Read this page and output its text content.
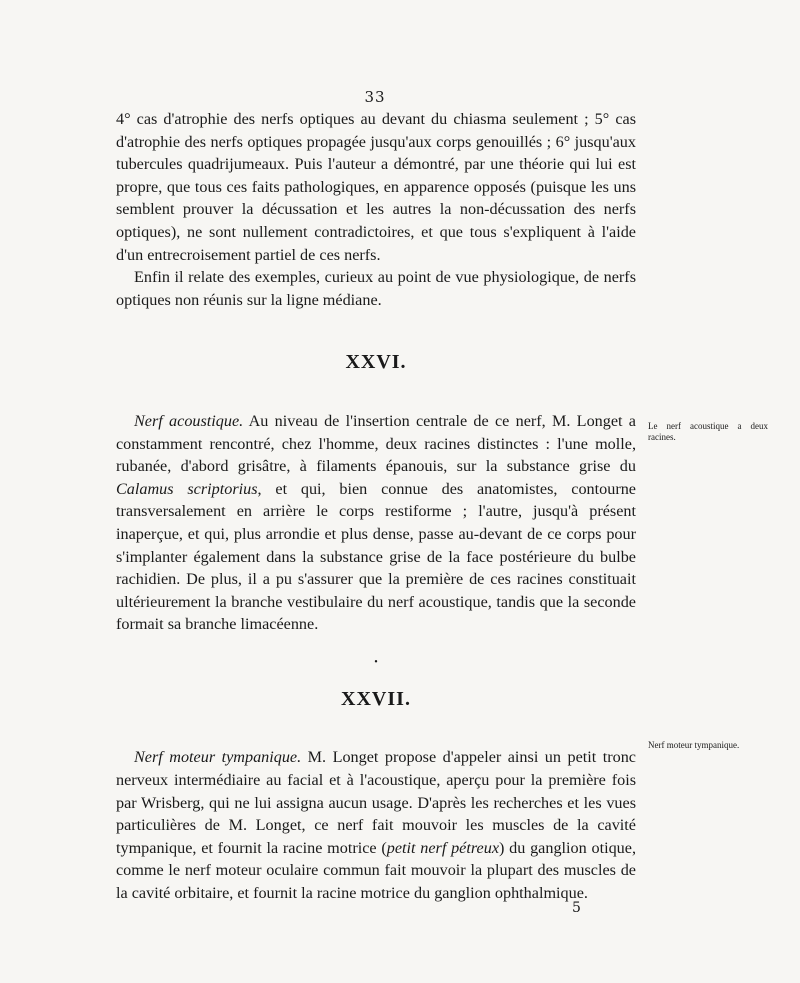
33

4° cas d'atrophie des nerfs optiques au devant du chiasma seulement ; 5° cas d'atrophie des nerfs optiques propagée jusqu'aux corps genouillés ; 6° jusqu'aux tubercules quadrijumeaux. Puis l'auteur a démontré, par une théorie qui lui est propre, que tous ces faits pathologiques, en apparence opposés (puisque les uns semblent prouver la décussation et les autres la non-décussation des nerfs optiques), ne sont nullement contradictoires, et que tous s'expliquent à l'aide d'un entrecroisement partiel de ces nerfs.

Enfin il relate des exemples, curieux au point de vue physiologique, de nerfs optiques non réunis sur la ligne médiane.

XXVI.

Nerf acoustique. Au niveau de l'insertion centrale de ce nerf, M. Longet a constamment rencontré, chez l'homme, deux racines distinctes : l'une molle, rubanée, d'abord grisâtre, à filaments épanouis, sur la substance grise du Calamus scriptorius, et qui, bien connue des anatomistes, contourne transversalement en arrière le corps restiforme ; l'autre, jusqu'à présent inaperçue, et qui, plus arrondie et plus dense, passe au-devant de ce corps pour s'implanter également dans la substance grise de la face postérieure du bulbe rachidien. De plus, il a pu s'assurer que la première de ces racines constituait ultérieurement la branche vestibulaire du nerf acoustique, tandis que la seconde formait sa branche limacéenne.

•
XXVII.

Nerf moteur tympanique. M. Longet propose d'appeler ainsi un petit tronc nerveux intermédiaire au facial et à l'acoustique, aperçu pour la première fois par Wrisberg, qui ne lui assigna aucun usage. D'après les recherches et les vues particulières de M. Longet, ce nerf fait mouvoir les muscles de la cavité tympanique, et fournit la racine motrice (petit nerf pétreux) du ganglion otique, comme le nerf moteur oculaire commun fait mouvoir la plupart des muscles de la cavité orbitaire, et fournit la racine motrice du ganglion ophthalmique.

Le nerf acoustique a deux racines.
Nerf moteur tympanique.
5
